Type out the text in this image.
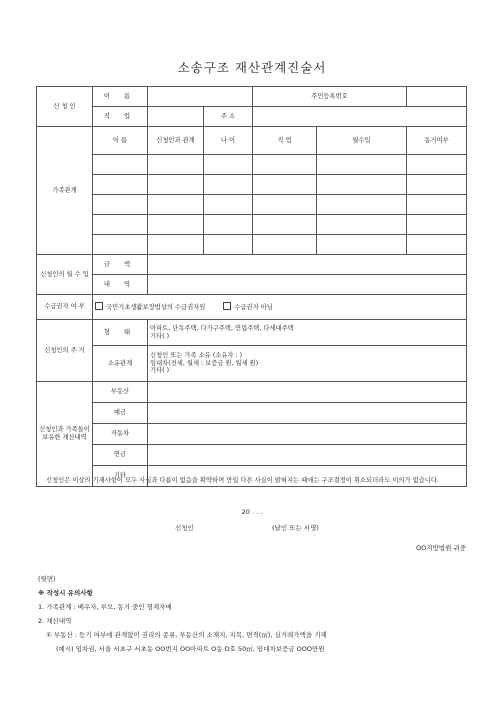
소송구조 재산관계진술서
신 청 인	이 름			주민등록번호		
	직 업		주 소			
가족관계	이 름	신청인과 관계	나 이	직 업	월수입	동거여부

신청인의 월 수 입	금 액					
	내 역					
수급권자 여 부	국민기초생활보장법상의 수급권자임 수급권자 아님					
신청인의 주 거	형 태	아파트, 단독주택, 다가구주택, 연립주택, 다세대주택
기타( )				

	소유관계	신청인 또는 가족 소유 (소유자 : )
임대차(전세, 월세 : 보증금 원, 월세 원)
기타( )				

신청인과 가족들이 보유한 재산내역	부동산					
	예금					
	자동차					
	연금					
	기타					
신청인은 이상의 기재사항이 모두 사실과 다름이 없음을 확약하며 만일 다른 사실이 밝혀지는 때에는 구조결정이 취소되더라도 이의가 없습니다.
20 . . .
신청인	(날인 또는 서명)
OO지방법원 귀중
(뒷면)
※ 작성시 유의사항
1. 가족관계 : 배우자, 부모, 동거 중인 형제자매
2. 재산내역
① 부동산 : 등기 여부에 관계없이 권리의 종류, 부동산의 소재지, 지목, 면적(㎡), 실거래가액을 기재
(예시) 임차권, 서울 서초구 서초동 OO번지 OO아파트 O동 O호 50㎡, 임대차보증금 OOO만원
